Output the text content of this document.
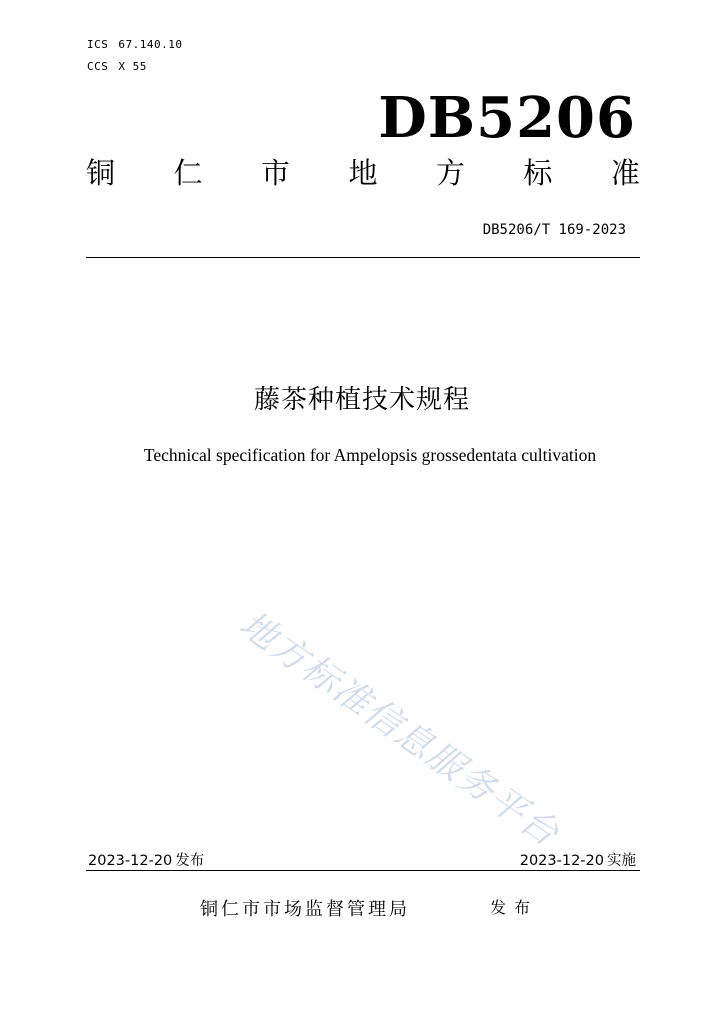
ICS 67.140.10
CCS X 55
DB5206
铜 仁 市 地 方 标 准
DB5206/T 169-2023
藤茶种植技术规程
Technical specification for Ampelopsis grossedentata cultivation
地方标准信息服务平台
2023-12-20 发布	2023-12-20 实施
铜仁市市场监督管理局	发布
